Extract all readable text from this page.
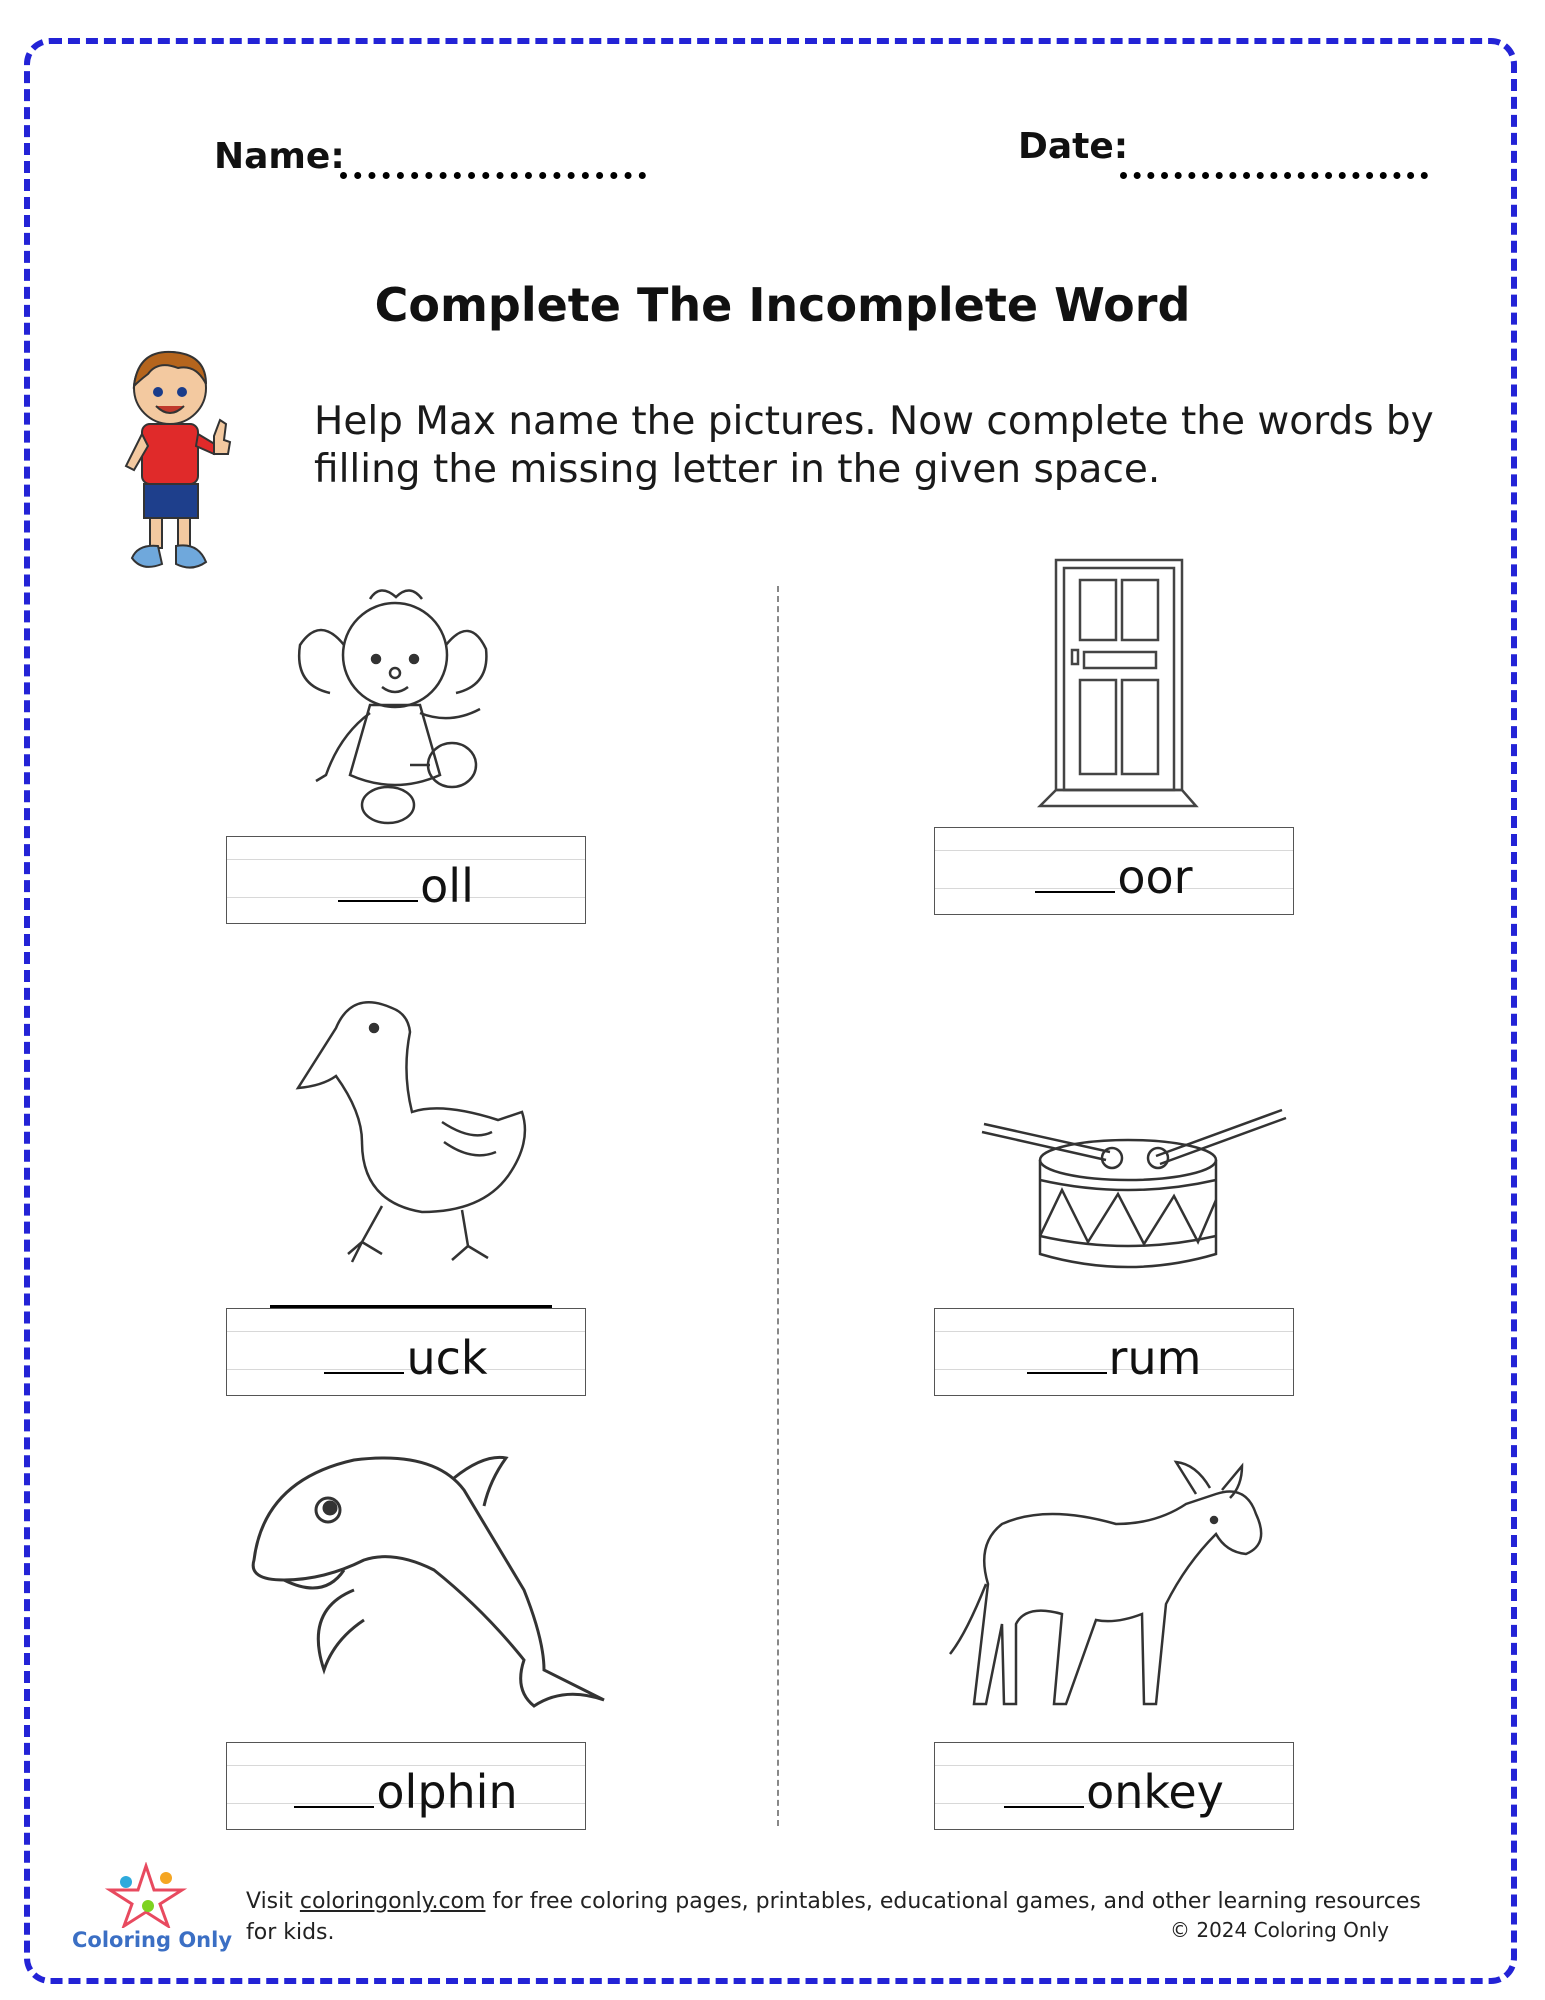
Name:	Date:
Complete The Incomplete Word
Help Max name the pictures. Now complete the words by filling the missing letter in the given space.
oll	oor
uck	rum
olphin	onkey
Coloring Only
Visit coloringonly.com for free coloring pages, printables, educational games, and other learning resources for kids.	© 2024 Coloring Only
